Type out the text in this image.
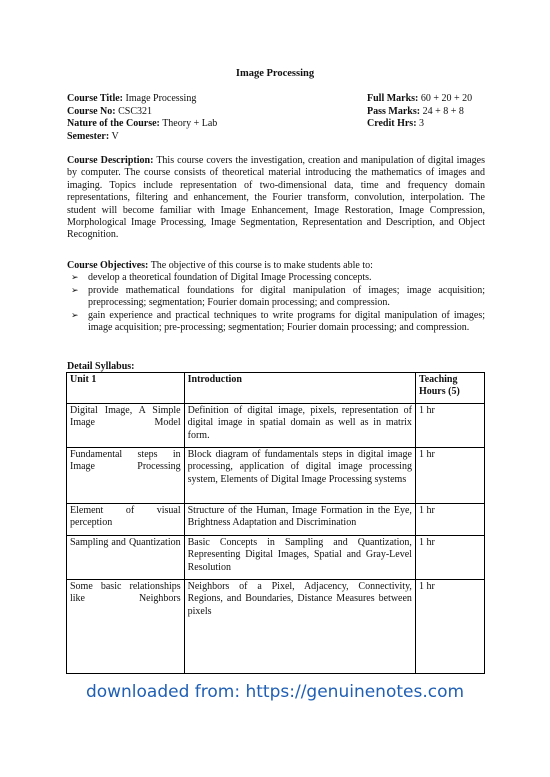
Image Processing
Course Title: Image Processing	Full Marks: 60 + 20 + 20
Course No: CSC321	Pass Marks: 24 + 8 + 8
Nature of the Course: Theory + Lab	Credit Hrs: 3
Semester: V
Course Description: This course covers the investigation, creation and manipulation of digital images by computer. The course consists of theoretical material introducing the mathematics of images and imaging. Topics include representation of two-dimensional data, time and frequency domain representations, filtering and enhancement, the Fourier transform, convolution, interpolation. The student will become familiar with Image Enhancement, Image Restoration, Image Compression, Morphological Image Processing, Image Segmentation, Representation and Description, and Object Recognition.
Course Objectives: The objective of this course is to make students able to:
➢ develop a theoretical foundation of Digital Image Processing concepts.
➢ provide mathematical foundations for digital manipulation of images; image acquisition; preprocessing; segmentation; Fourier domain processing; and compression.
➢ gain experience and practical techniques to write programs for digital manipulation of images; image acquisition; pre-processing; segmentation; Fourier domain processing; and compression.
Detail Syllabus:
Unit 1	Introduction	Teaching Hours (5)
Digital Image, A Simple Image Model	Definition of digital image, pixels, representation of digital image in spatial domain as well as in matrix form.	1 hr
Fundamental steps in Image Processing	Block diagram of fundamentals steps in digital image processing, application of digital image processing system, Elements of Digital Image Processing systems	1 hr
Element of visual perception	Structure of the Human, Image Formation in the Eye, Brightness Adaptation and Discrimination	1 hr
Sampling and Quantization	Basic Concepts in Sampling and Quantization, Representing Digital Images, Spatial and Gray-Level Resolution	1 hr
Some basic relationships like Neighbors	Neighbors of a Pixel, Adjacency, Connectivity, Regions, and Boundaries, Distance Measures between pixels	1 hr
downloaded from: https://genuinenotes.com
